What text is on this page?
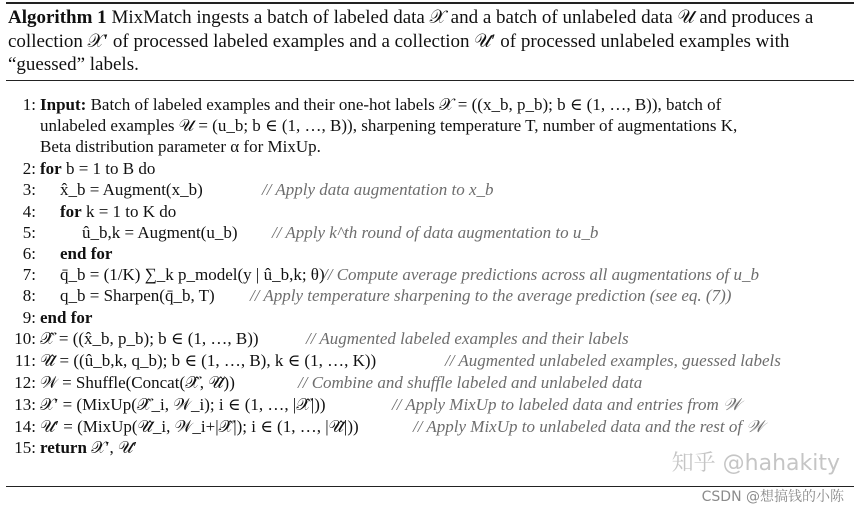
Algorithm 1 MixMatch ingests a batch of labeled data 𝒳 and a batch of unlabeled data 𝒰 and produces a collection 𝒳′ of processed labeled examples and a collection 𝒰′ of processed unlabeled examples with “guessed” labels.
1: Input: Batch of labeled examples and their one-hot labels 𝒳 = ((x_b, p_b); b ∈ (1, …, B)), batch of
unlabeled examples 𝒰 = (u_b; b ∈ (1, …, B)), sharpening temperature T, number of augmentations K,
Beta distribution parameter α for MixUp.
2: for b = 1 to B do
3: x̂_b = Augment(x_b)	// Apply data augmentation to x_b
4: for k = 1 to K do
5:	û_b,k = Augment(u_b) // Apply k^th round of data augmentation to u_b
6: end for
7: q̄_b = (1/K) ∑_k p_model(y | û_b,k; θ)
// Compute average predictions across all augmentations of u_b
8: q_b = Sharpen(q̄_b, T) // Apply temperature sharpening to the average prediction (see eq. (7))
9: end for
10: 𝒳̂ = ((x̂_b, p_b); b ∈ (1, …, B))	// Augmented labeled examples and their labels
11: 𝒰̂ = ((û_b,k, q_b); b ∈ (1, …, B), k ∈ (1, …, K))	// Augmented unlabeled examples, guessed labels
12: 𝒲 = Shuffle(Concat(𝒳̂, 𝒰̂))	// Combine and shuffle labeled and unlabeled data
13: 𝒳′ = (MixUp(𝒳̂_i, 𝒲_i); i ∈ (1, …, |𝒳̂|))	// Apply MixUp to labeled data and entries from 𝒲
14: 𝒰′ = (MixUp(𝒰̂_i, 𝒲_i+|𝒳̂|); i ∈ (1, …, |𝒰̂|))	// Apply MixUp to unlabeled data and the rest of 𝒲
15: return 𝒳′, 𝒰′
知乎 @hahakity
CSDN @想搞钱的小陈
